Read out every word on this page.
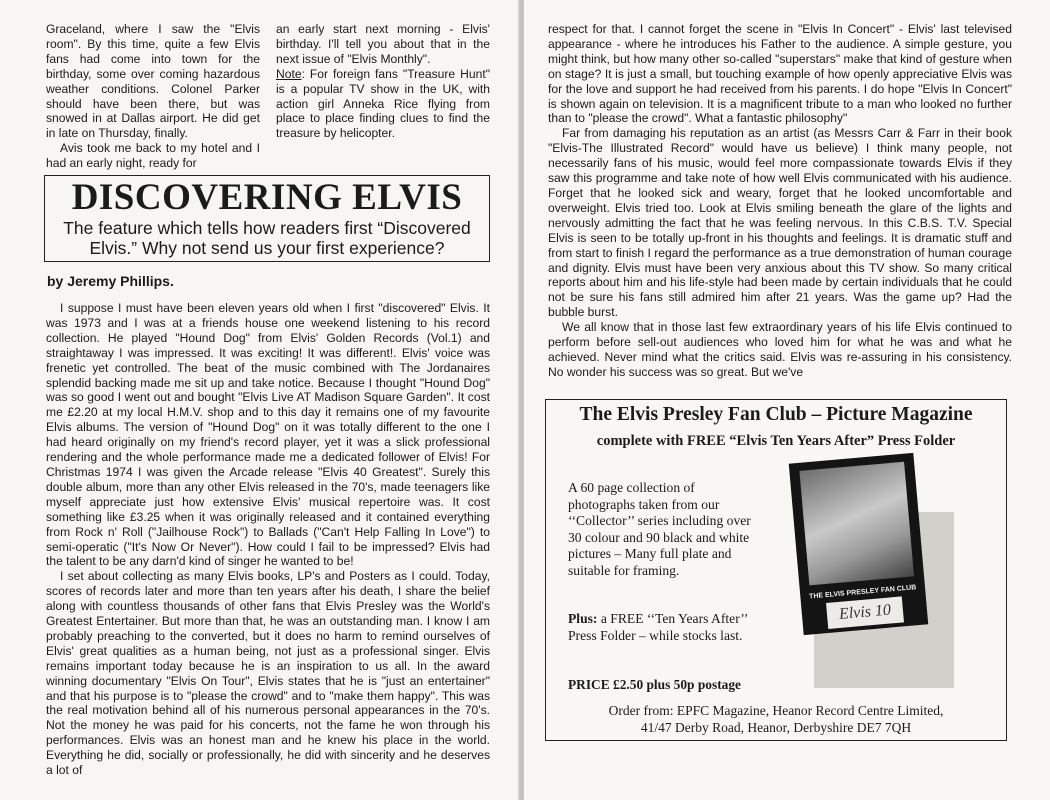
Graceland, where I saw the "Elvis room". By this time, quite a few Elvis fans had come into town for the birthday, some over coming hazardous weather conditions. Colonel Parker should have been there, but was snowed in at Dallas airport. He did get in late on Thursday, finally.

Avis took me back to my hotel and I had an early night, ready for

an early start next morning - Elvis' birthday. I'll tell you about that in the next issue of "Elvis Monthly".

Note: For foreign fans "Treasure Hunt" is a popular TV show in the UK, with action girl Anneka Rice flying from place to place finding clues to find the treasure by helicopter.

DISCOVERING ELVIS
The feature which tells how readers first “Discovered
Elvis.” Why not send us your first experience?
by Jeremy Phillips.

I suppose I must have been eleven years old when I first "discovered" Elvis. It was 1973 and I was at a friends house one weekend listening to his record collection. He played "Hound Dog" from Elvis' Golden Records (Vol.1) and straightaway I was impressed. It was exciting! It was different!. Elvis' voice was frenetic yet controlled. The beat of the music combined with The Jordanaires splendid backing made me sit up and take notice. Because I thought "Hound Dog" was so good I went out and bought "Elvis Live AT Madison Square Garden". It cost me £2.20 at my local H.M.V. shop and to this day it remains one of my favourite Elvis albums. The version of "Hound Dog" on it was totally different to the one I had heard originally on my friend's record player, yet it was a slick professional rendering and the whole performance made me a dedicated follower of Elvis! For Christmas 1974 I was given the Arcade release "Elvis 40 Greatest". Surely this double album, more than any other Elvis released in the 70's, made teenagers like myself appreciate just how extensive Elvis' musical repertoire was. It cost something like £3.25 when it was originally released and it contained everything from Rock n' Roll ("Jailhouse Rock") to Ballads ("Can't Help Falling In Love") to semi-operatic ("It's Now Or Never"). How could I fail to be impressed? Elvis had the talent to be any darn'd kind of singer he wanted to be!

I set about collecting as many Elvis books, LP's and Posters as I could. Today, scores of records later and more than ten years after his death, I share the belief along with countless thousands of other fans that Elvis Presley was the World's Greatest Entertainer. But more than that, he was an outstanding man. I know I am probably preaching to the converted, but it does no harm to remind ourselves of Elvis' great qualities as a human being, not just as a professional singer. Elvis remains important today because he is an inspiration to us all. In the award winning documentary "Elvis On Tour", Elvis states that he is "just an entertainer" and that his purpose is to "please the crowd" and to "make them happy". This was the real motivation behind all of his numerous personal appearances in the 70's. Not the money he was paid for his concerts, not the fame he won through his performances. Elvis was an honest man and he knew his place in the world. Everything he did, socially or professionally, he did with sincerity and he deserves a lot of

respect for that. I cannot forget the scene in "Elvis In Concert" - Elvis' last televised appearance - where he introduces his Father to the audience. A simple gesture, you might think, but how many other so-called "superstars" make that kind of gesture when on stage? It is just a small, but touching example of how openly appreciative Elvis was for the love and support he had received from his parents. I do hope "Elvis In Concert" is shown again on television. It is a magnificent tribute to a man who looked no further than to "please the crowd". What a fantastic philosophy"

Far from damaging his reputation as an artist (as Messrs Carr & Farr in their book "Elvis-The Illustrated Record" would have us believe) I think many people, not necessarily fans of his music, would feel more compassionate towards Elvis if they saw this programme and take note of how well Elvis communicated with his audience. Forget that he looked sick and weary, forget that he looked uncomfortable and overweight. Elvis tried too. Look at Elvis smiling beneath the glare of the lights and nervously admitting the fact that he was feeling nervous. In this C.B.S. T.V. Special Elvis is seen to be totally up-front in his thoughts and feelings. It is dramatic stuff and from start to finish I regard the performance as a true demonstration of human courage and dignity. Elvis must have been very anxious about this TV show. So many critical reports about him and his life-style had been made by certain individuals that he could not be sure his fans still admired him after 21 years. Was the game up? Had the bubble burst.

We all know that in those last few extraordinary years of his life Elvis continued to perform before sell-out audiences who loved him for what he was and what he achieved. Never mind what the critics said. Elvis was re-assuring in his consistency. No wonder his success was so great. But we've

The Elvis Presley Fan Club – Picture Magazine
complete with FREE “Elvis Ten Years After” Press Folder
A 60 page collection of photographs taken from our ‘‘Collector’’ series including over 30 colour and 90 black and white pictures – Many full plate and suitable for framing.
Plus: a FREE ‘‘Ten Years After’’ Press Folder – while stocks last.
PRICE £2.50 plus 50p postage
THE ELVIS PRESLEY FAN CLUB
Elvis 10
Order from: EPFC Magazine, Heanor Record Centre Limited,
41/47 Derby Road, Heanor, Derbyshire DE7 7QH
